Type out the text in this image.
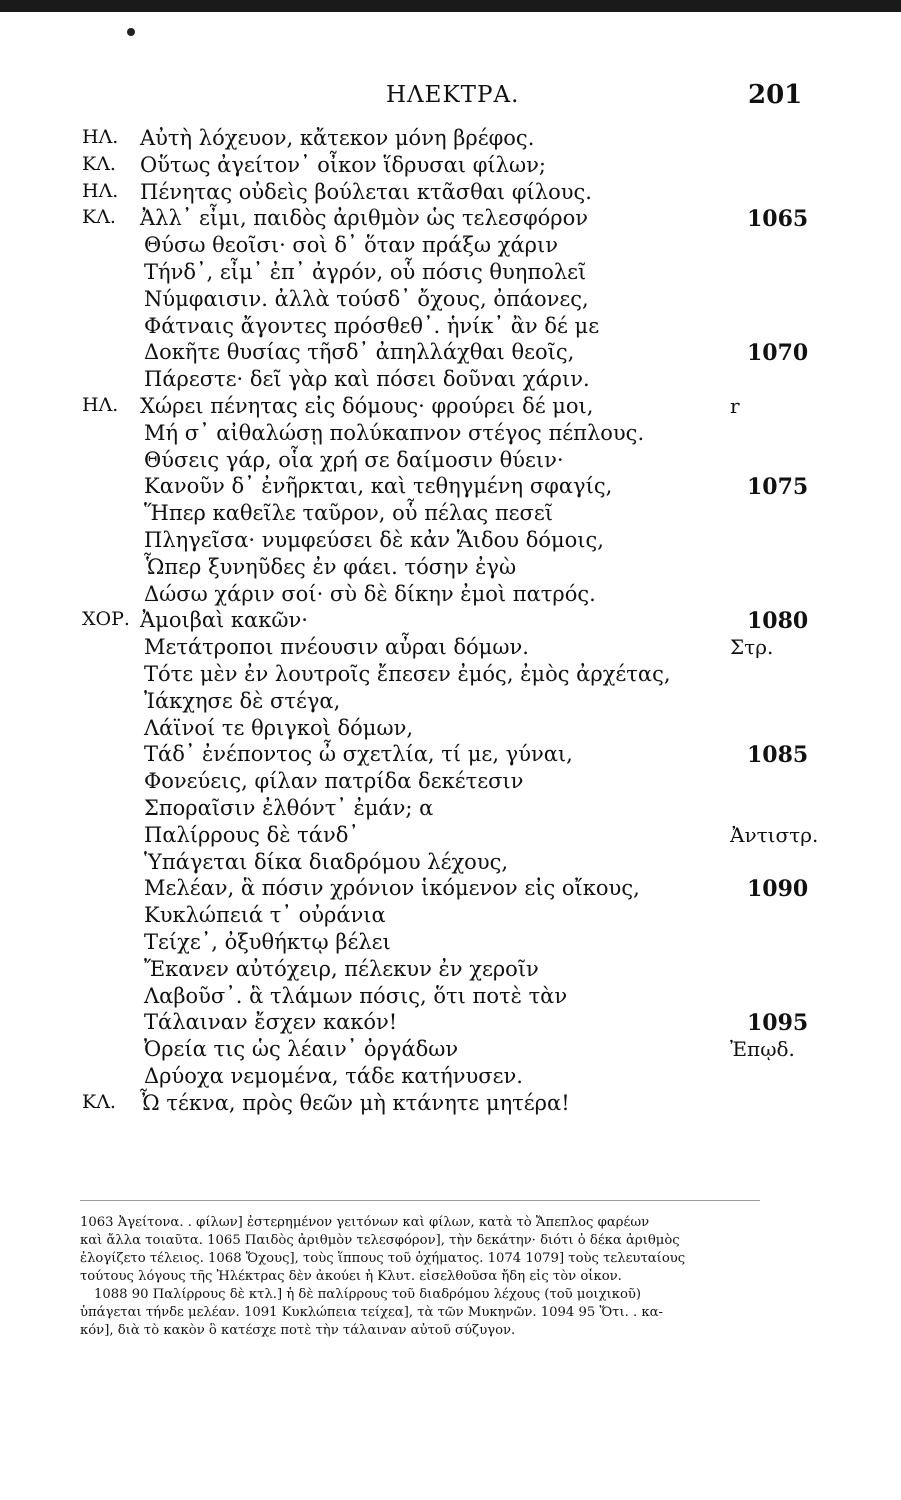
ΗΛΕΚΤΡΑ.	201
ΗΛ. Αὐτὴ λόχευον, κἄτεκον μόνη βρέφος.
ΚΛ. Οὕτως ἀγείτον᾽ οἶκον ἵδρυσαι φίλων;
ΗΛ. Πένητας οὐδεὶς βούλεται κτᾶσθαι φίλους.
ΚΛ. Ἀλλ᾽ εἶμι, παιδὸς ἀριθμὸν ὡς τελεσφόρον	1065
Θύσω θεοῖσι· σοὶ δ᾽ ὅταν πράξω χάριν
Τήνδ᾽, εἶμ᾽ ἐπ᾽ ἀγρόν, οὗ πόσις θυηπολεῖ
Νύμφαισιν. ἀλλὰ τούσδ᾽ ὄχους, ὀπάονες,
Φάτναις ἄγοντες πρόσθεθ᾽. ἡνίκ᾽ ἂν δέ με
Δοκῆτε θυσίας τῆσδ᾽ ἀπηλλάχθαι θεοῖς,	1070
Πάρεστε· δεῖ γὰρ καὶ πόσει δοῦναι χάριν.
ΗΛ. Χώρει πένητας εἰς δόμους· φρούρει δέ μοι,	r
Μή σ᾽ αἰθαλώσῃ πολύκαπνον στέγος πέπλους.
Θύσεις γάρ, οἷα χρή σε δαίμοσιν θύειν·
Κανοῦν δ᾽ ἐνῆρκται, καὶ τεθηγμένη σφαγίς,	1075
Ἥπερ καθεῖλε ταῦρον, οὗ πέλας πεσεῖ
Πληγεῖσα· νυμφεύσει δὲ κἀν Ἅιδου δόμοις,
Ὧπερ ξυνηῦδες ἐν φάει. τόσην ἐγὼ
Δώσω χάριν σοί· σὺ δὲ δίκην ἐμοὶ πατρός.
ΧΟΡ. Ἀμοιβαὶ κακῶν·	1080
Μετάτροποι πνέουσιν αὖραι δόμων.	Στρ.
Τότε μὲν ἐν λουτροῖς ἔπεσεν ἐμός, ἐμὸς ἀρχέτας,
Ἰάκχησε δὲ στέγα,
Λάϊνοί τε θριγκοὶ δόμων,
Τάδ᾽ ἐνέποντος ὦ σχετλία, τί με, γύναι,	1085
Φονεύεις, φίλαν πατρίδα δεκέτεσιν
Σποραῖσιν ἐλθόντ᾽ ἐμάν; α
Παλίρρους δὲ τάνδ᾽	Ἀντιστρ.
Ὑπάγεται δίκα διαδρόμου λέχους,
Μελέαν, ἃ πόσιν χρόνιον ἱκόμενον εἰς οἴκους,	1090
Κυκλώπειά τ᾽ οὐράνια
Τείχε᾽, ὀξυθήκτῳ βέλει
Ἔκανεν αὐτόχειρ, πέλεκυν ἐν χεροῖν
Λαβοῦσ᾽. ἃ τλάμων πόσις, ὅτι ποτὲ τὰν
Τάλαιναν ἔσχεν κακόν!	1095
Ὀρεία τις ὡς λέαιν᾽ ὀργάδων	Ἐπῳδ.
Δρύοχα νεμομένα, τάδε κατήνυσεν.
ΚΛ. Ὦ τέκνα, πρὸς θεῶν μὴ κτάνητε μητέρα!
1063 Ἀγείτονα. . φίλων] ἐστερημένον γειτόνων καὶ φίλων, κατὰ τὸ Ἄπεπλος φαρέων
καὶ ἄλλα τοιαῦτα. 1065 Παιδὸς ἀριθμὸν τελεσφόρον], τὴν δεκάτην· διότι ὁ δέκα ἀριθμὸς
ἐλογίζετο τέλειος. 1068 Ὄχους], τοὺς ἵππους τοῦ ὀχήματος. 1074 1079] τοὺς τελευταίους
τούτους λόγους τῆς Ἠλέκτρας δὲν ἀκούει ἡ Κλυτ. εἰσελθοῦσα ἤδη εἰς τὸν οἶκον.
1088 90 Παλίρρους δὲ κτλ.] ἡ δὲ παλίρρους τοῦ διαδρόμου λέχους (τοῦ μοιχικοῦ)
ὑπάγεται τήνδε μελέαν. 1091 Κυκλώπεια τείχεα], τὰ τῶν Μυκηνῶν. 1094 95 Ὅτι. . κα-
κόν], διὰ τὸ κακὸν ὃ κατέσχε ποτὲ τὴν τάλαιναν αὐτοῦ σύζυγον.
